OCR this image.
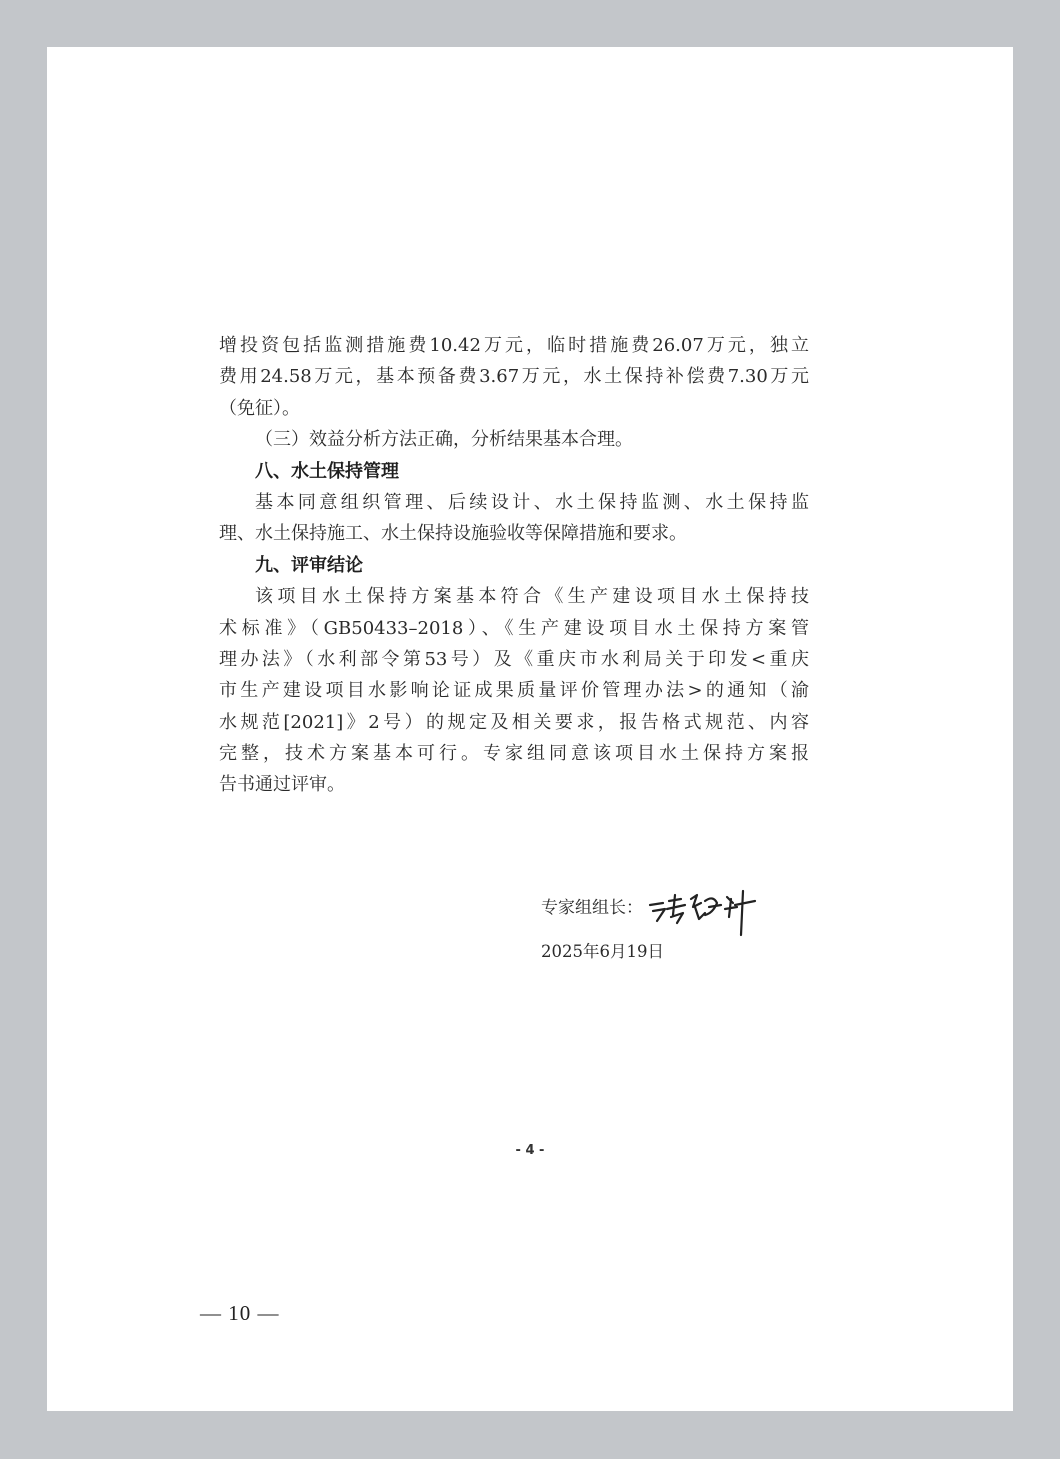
增投资包括监测措施费10.42万元，临时措施费26.07万元，独立
费用24.58万元，基本预备费3.67万元，水土保持补偿费7.30万元
（免征）。
（三）效益分析方法正确，分析结果基本合理。
八、水土保持管理
基本同意组织管理、后续设计、水土保持监测、水土保持监
理、水土保持施工、水土保持设施验收等保障措施和要求。
九、评审结论
该项目水土保持方案基本符合《生产建设项目水土保持技
术标准》（GB50433–2018）、《生产建设项目水土保持方案管
理办法》（水利部令第53号）及《重庆市水利局关于印发<重庆
市生产建设项目水影响论证成果质量评价管理办法>的通知（渝
水规范[2021]》2号）的规定及相关要求，报告格式规范、内容
完整，技术方案基本可行。专家组同意该项目水土保持方案报
告书通过评审。
专家组组长：
2025年6月19日
- 4 -
— 10 —
